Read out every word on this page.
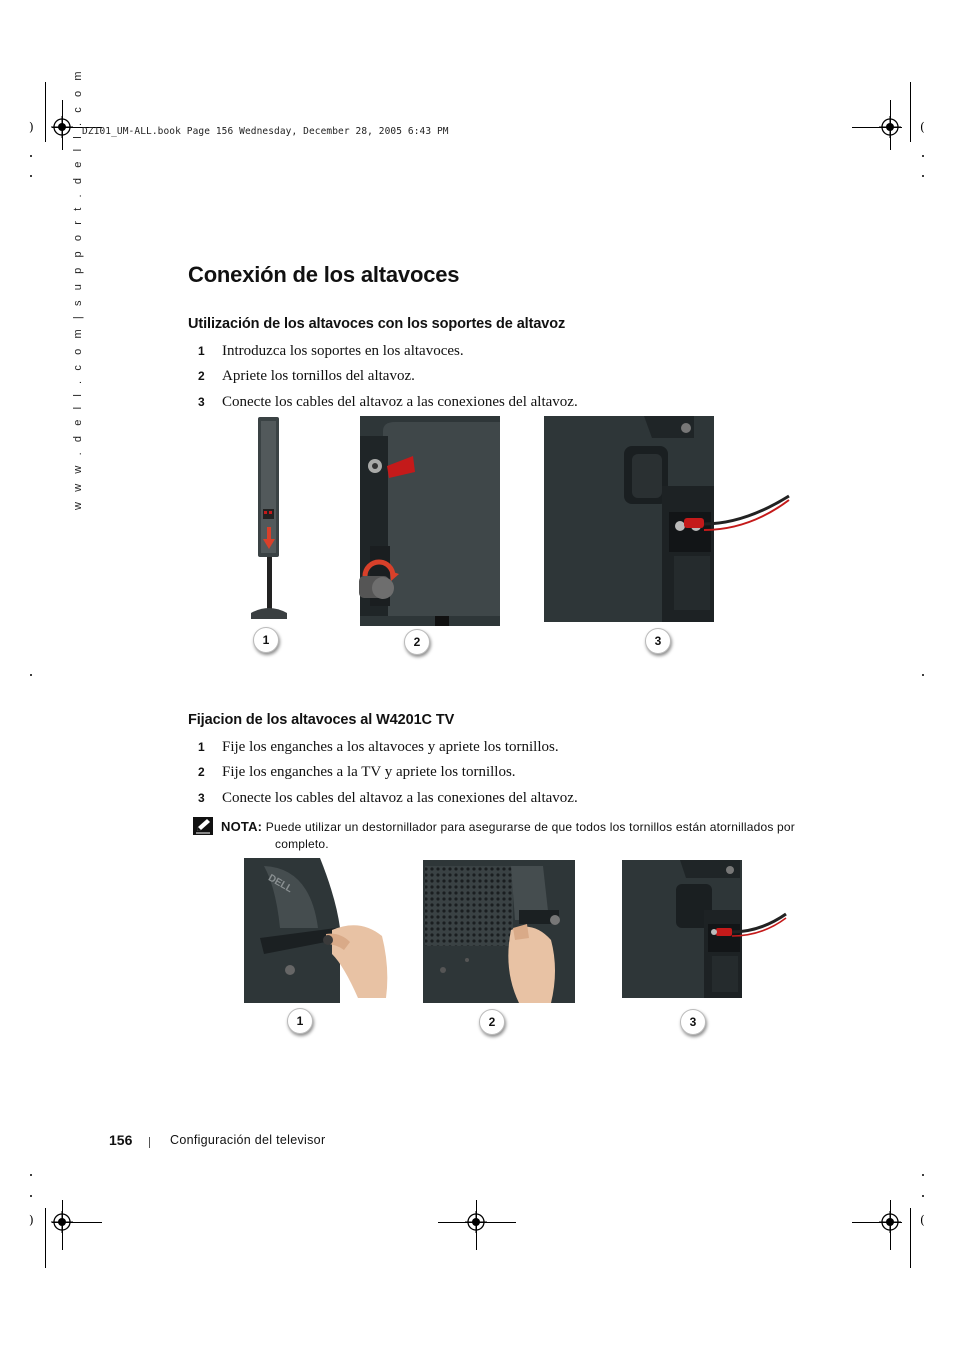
)	(
)	(
DZ101_UM-ALL.book Page 156 Wednesday, December 28, 2005 6:43 PM
w w w . d e l l . c o m | s u p p o r t . d e l l . c o m	Conexión de los altavoces
Utilización de los altavoces con los soportes de altavoz
1 Introduzca los soportes en los altavoces.
2 Apriete los tornillos del altavoz.
3 Conecte los cables del altavoz a las conexiones del altavoz.
1	2	3
Fijacion de los altavoces al W4201C TV
1 Fije los enganches a los altavoces y apriete los tornillos.
2 Fije los enganches a la TV y apriete los tornillos.
3 Conecte los cables del altavoz a las conexiones del altavoz.
NOTA: Puede utilizar un destornillador para asegurarse de que todos los tornillos están atornillados por
completo.
DELL
1	2	3
156	Configuración del televisor
